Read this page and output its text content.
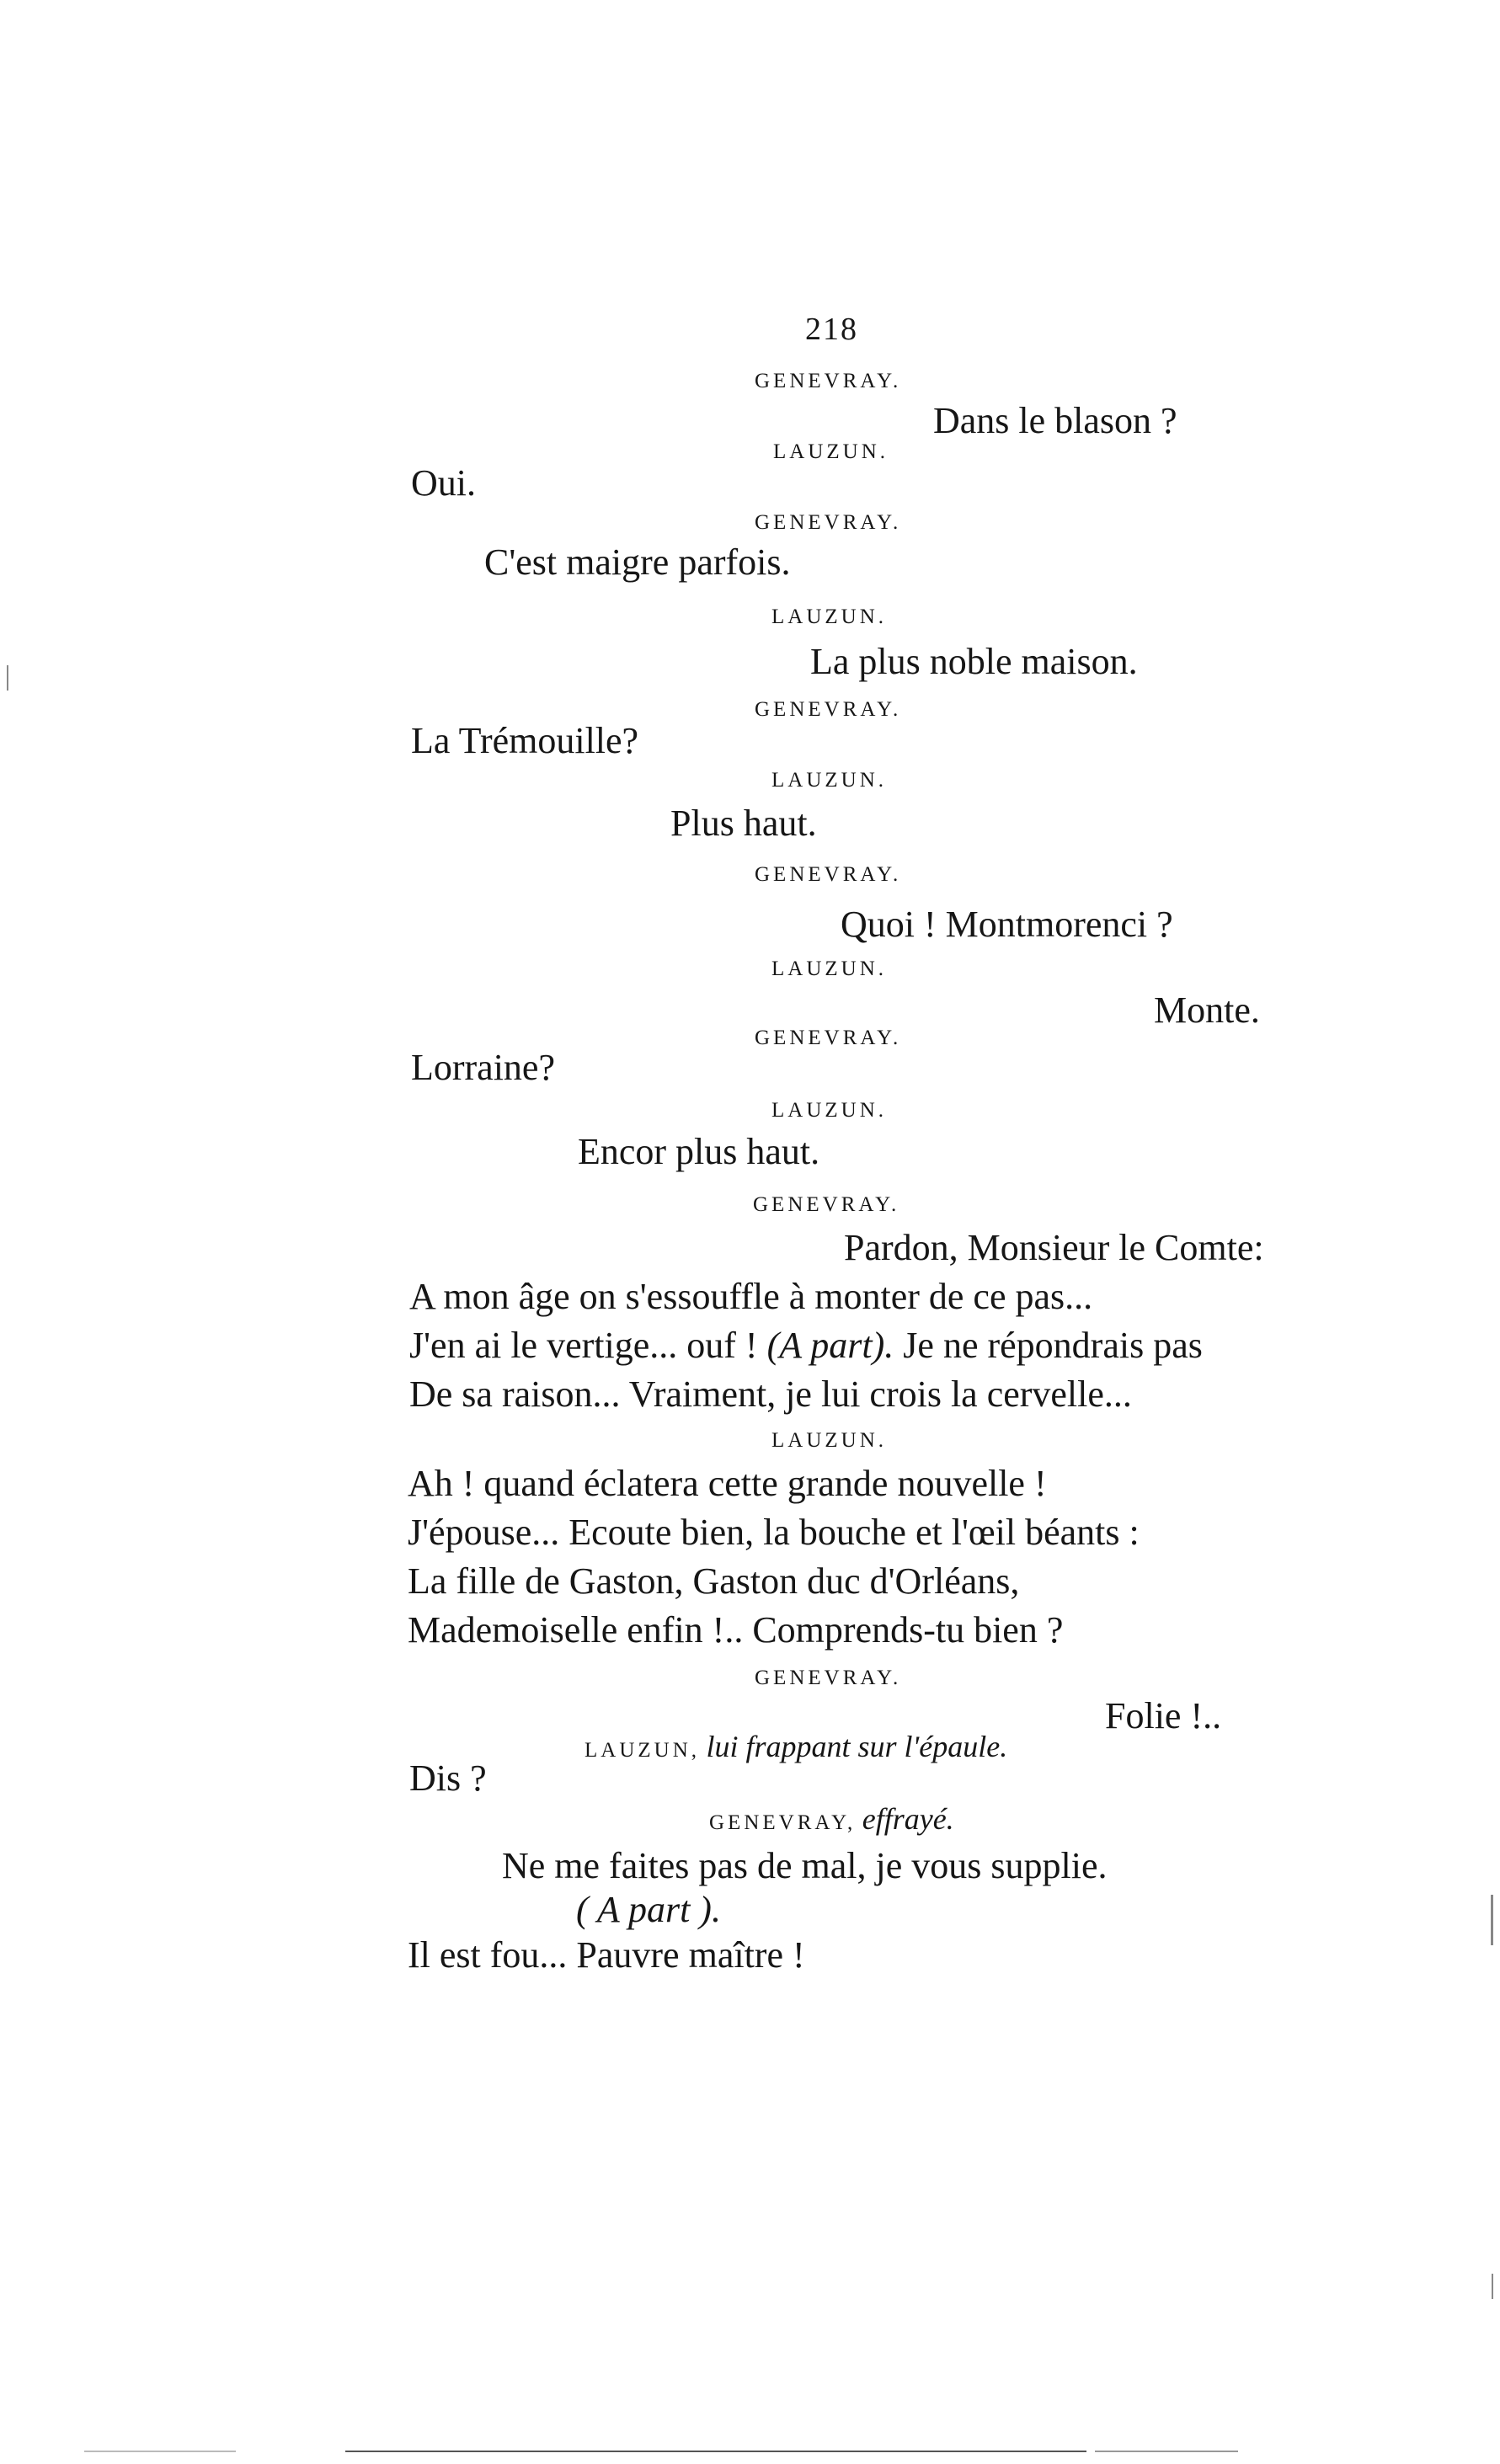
218
GENEVRAY.
Dans le blason ?
LAUZUN.
Oui.
GENEVRAY.
C'est maigre parfois.
LAUZUN.
La plus noble maison.
GENEVRAY.
La Trémouille?
LAUZUN.
Plus haut.
GENEVRAY.
Quoi ! Montmorenci ?
LAUZUN.
Monte.
GENEVRAY.
Lorraine?
LAUZUN.
Encor plus haut.
GENEVRAY.
Pardon, Monsieur le Comte:
A mon âge on s'essouffle à monter de ce pas...
J'en ai le vertige... ouf ! (A part). Je ne répondrais pas
De sa raison... Vraiment, je lui crois la cervelle...
LAUZUN.
Ah ! quand éclatera cette grande nouvelle !
J'épouse... Ecoute bien, la bouche et l'œil béants :
La fille de Gaston, Gaston duc d'Orléans,
Mademoiselle enfin !.. Comprends-tu bien ?
GENEVRAY.
Folie !..
LAUZUN, lui frappant sur l'épaule.
Dis ?
GENEVRAY, effrayé.
Ne me faites pas de mal, je vous supplie.
( A part ).
Il est fou... Pauvre maître !
